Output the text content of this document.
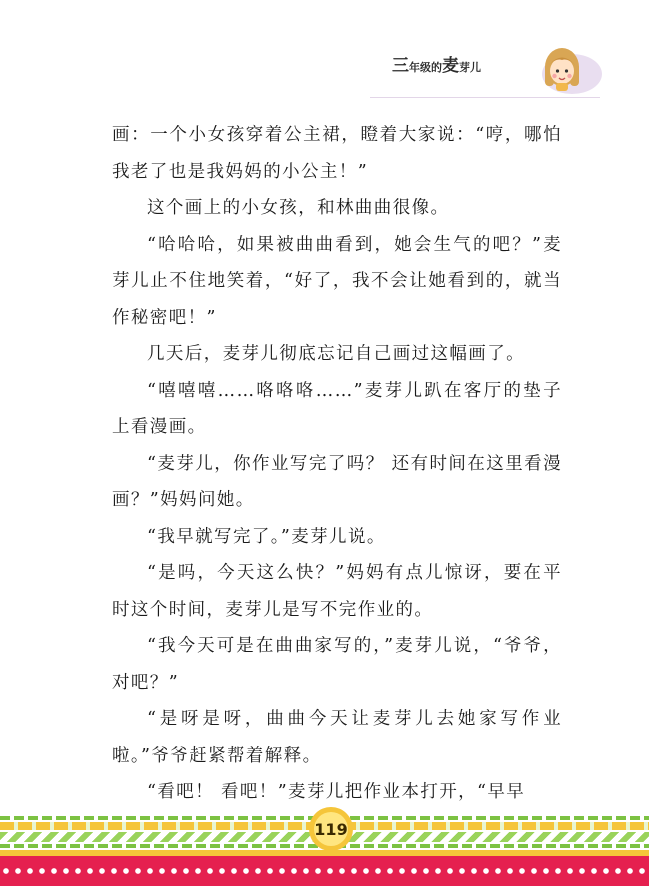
三年级的麦芽儿

画：一个小女孩穿着公主裙，瞪着大家说：“哼，哪怕我老了也是我妈妈的小公主！”

这个画上的小女孩，和林曲曲很像。

“哈哈哈，如果被曲曲看到，她会生气的吧？”麦芽儿止不住地笑着，“好了，我不会让她看到的，就当作秘密吧！”

几天后，麦芽儿彻底忘记自己画过这幅画了。

“嘻嘻嘻……咯咯咯……”麦芽儿趴在客厅的垫子上看漫画。

“麦芽儿，你作业写完了吗？ 还有时间在这里看漫画？”妈妈问她。

“我早就写完了。”麦芽儿说。

“是吗，今天这么快？”妈妈有点儿惊讶，要在平时这个时间，麦芽儿是写不完作业的。

“我今天可是在曲曲家写的，”麦芽儿说，“爷爷，对吧？”

“是呀是呀，曲曲今天让麦芽儿去她家写作业啦。”爷爷赶紧帮着解释。

“看吧！ 看吧！”麦芽儿把作业本打开，“早早

119
